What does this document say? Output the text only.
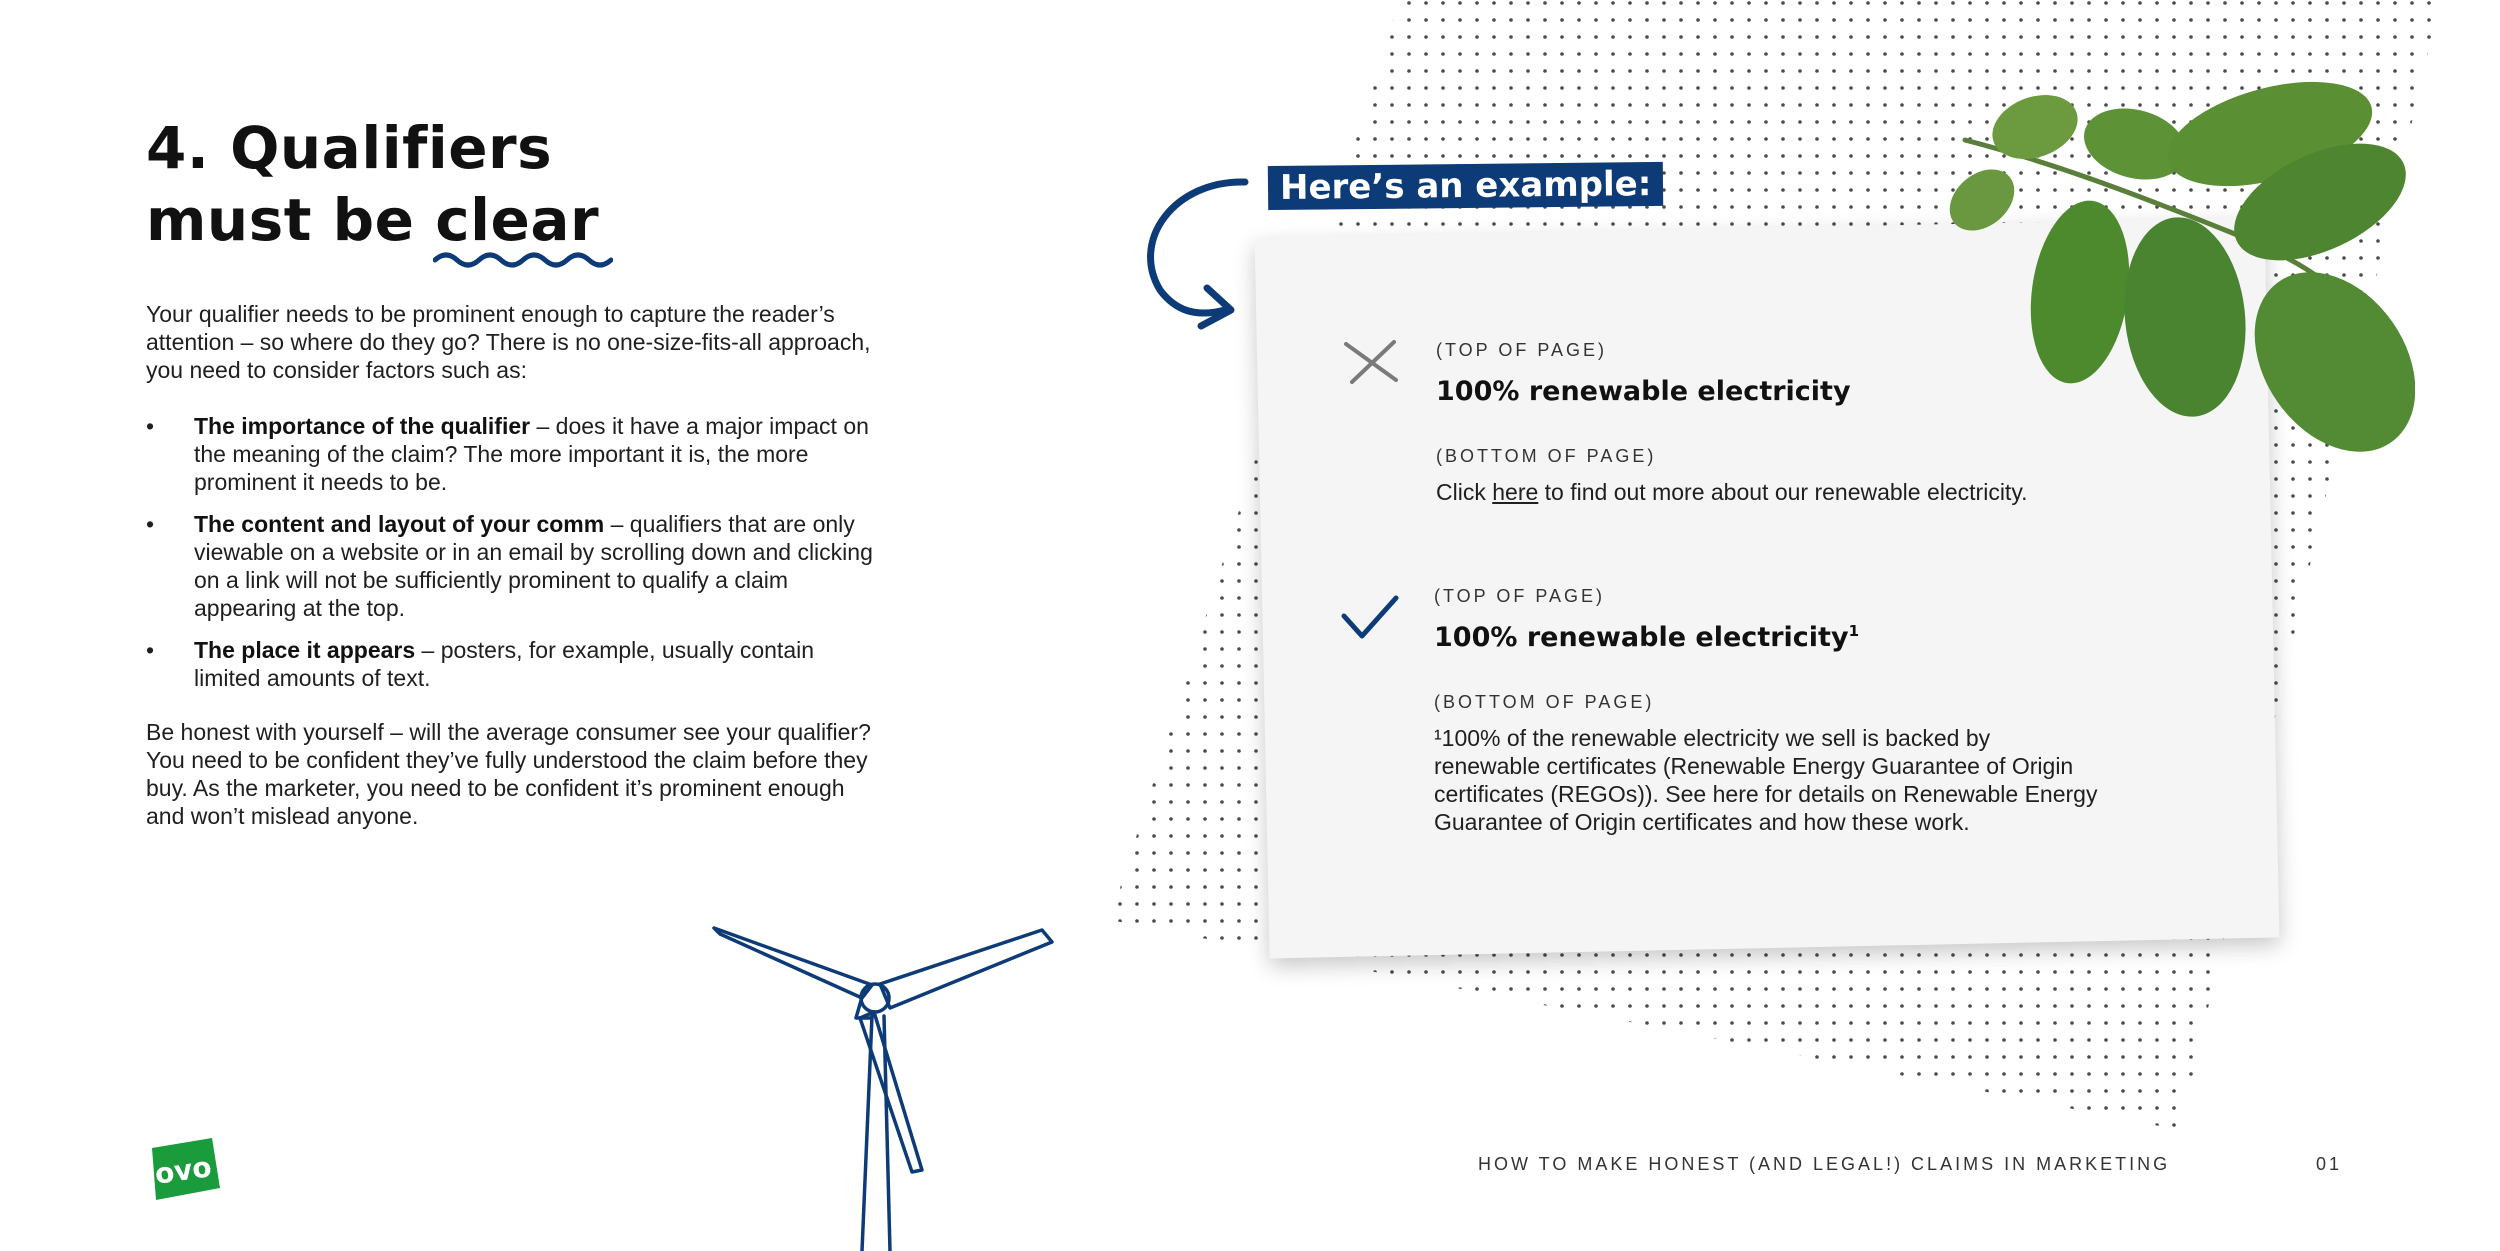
4. Qualifiers
must be clear

Your qualifier needs to be prominent enough to capture the reader’s attention – so where do they go? There is no one-size-fits-all approach, you need to consider factors such as:

• The importance of the qualifier – does it have a major impact on the meaning of the claim? The more important it is, the more prominent it needs to be.
• The content and layout of your comm – qualifiers that are only viewable on a website or in an email by scrolling down and clicking on a link will not be sufficiently prominent to qualify a claim appearing at the top.
• The place it appears – posters, for example, usually contain limited amounts of text.

Be honest with yourself – will the average consumer see your qualifier? You need to be confident they’ve fully understood the claim before they buy. As the marketer, you need to be confident it’s prominent enough and won’t mislead anyone.

ovo
Here’s an example:

(TOP OF PAGE)

100% renewable electricity

(BOTTOM OF PAGE)

Click here to find out more about our renewable electricity.

(TOP OF PAGE)

100% renewable electricity$^1$

(BOTTOM OF PAGE)

¹100% of the renewable electricity we sell is backed by
renewable certificates (Renewable Energy Guarantee of Origin
certificates (REGOs)). See here for details on Renewable Energy
Guarantee of Origin certificates and how these work.
HOW TO MAKE HONEST (AND LEGAL!) CLAIMS IN MARKETING	01
